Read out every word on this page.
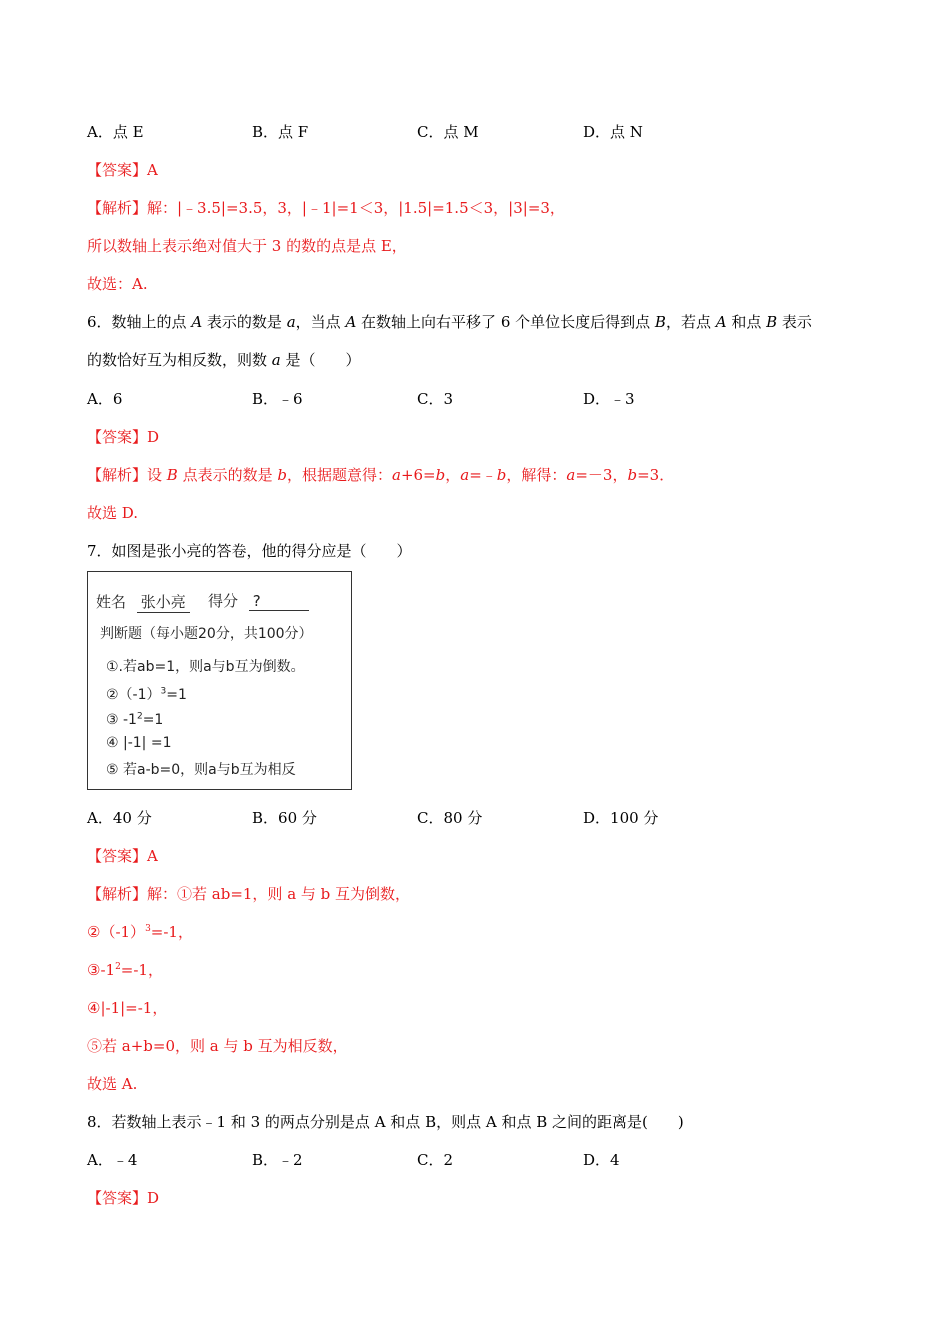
A．点 E	B．点 F	C．点 M	D．点 N
【答案】A
【解析】解：|﹣3.5|=3.5，3，|﹣1|=1＜3，|1.5|=1.5＜3，|3|=3，
所以数轴上表示绝对值大于 3 的数的点是点 E，
故选：A.
6．数轴上的点 A 表示的数是 a，当点 A 在数轴上向右平移了 6 个单位长度后得到点 B，若点 A 和点 B 表示
的数恰好互为相反数，则数 a 是（　　）
A．6	B．﹣6	C．3	D．﹣3
【答案】D
【解析】设 B 点表示的数是 b，根据题意得：a+6=b，a=﹣b，解得：a=－3，b=3．
故选 D.
7．如图是张小亮的答卷，他的得分应是（　　）
姓名 张小亮 得分 ?
判断题（每小题20分，共100分）
①.若ab=1，则a与b互为倒数。
$②(-1)^3=1$
③ $-1^2=1$
④ |-1| =1
⑤ 若a-b=0，则a与b互为相反
A．40 分	B．60 分	C．80 分	D．100 分
【答案】A
【解析】解：①若 ab=1，则 a 与 b 互为倒数，
$②(-1)^3=-1$，
$③-1^2=-1$，
④|-1|=-1，
⑤若 a+b=0，则 a 与 b 互为相反数，
故选 A.
8．若数轴上表示﹣1 和 3 的两点分别是点 A 和点 B，则点 A 和点 B 之间的距离是(　　)
A．﹣4	B．﹣2	C．2	D．4
【答案】D
